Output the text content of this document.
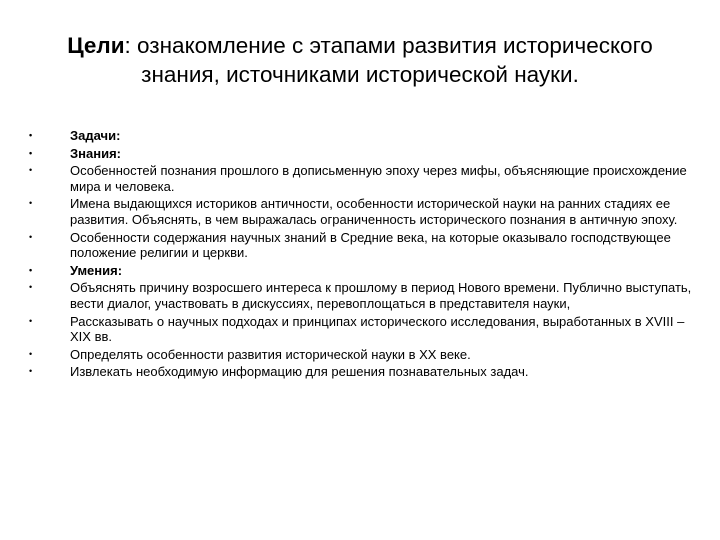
Цели: ознакомление с этапами развития исторического
знания, источниками исторической науки.
•	Задачи:
•	Знания:
•	Особенностей познания прошлого в дописьменную эпоху через мифы, объясняющие происхождение мира и человека.
•	Имена выдающихся историков античности, особенности исторической науки на ранних стадиях ее развития. Объяснять, в чем выражалась ограниченность исторического познания в античную эпоху.
•	Особенности содержания научных знаний в Средние века, на которые оказывало господствующее положение религии и церкви.
•	Умения:
•	Объяснять причину возросшего интереса к прошлому в период Нового времени. Публично выступать, вести диалог, участвовать в дискуссиях, перевоплощаться в представителя науки,
•	Рассказывать о научных подходах и принципах исторического исследования, выработанных в XVIII – XIX вв.
•	Определять особенности развития исторической науки в XX веке.
•	Извлекать необходимую информацию для решения познавательных задач.
